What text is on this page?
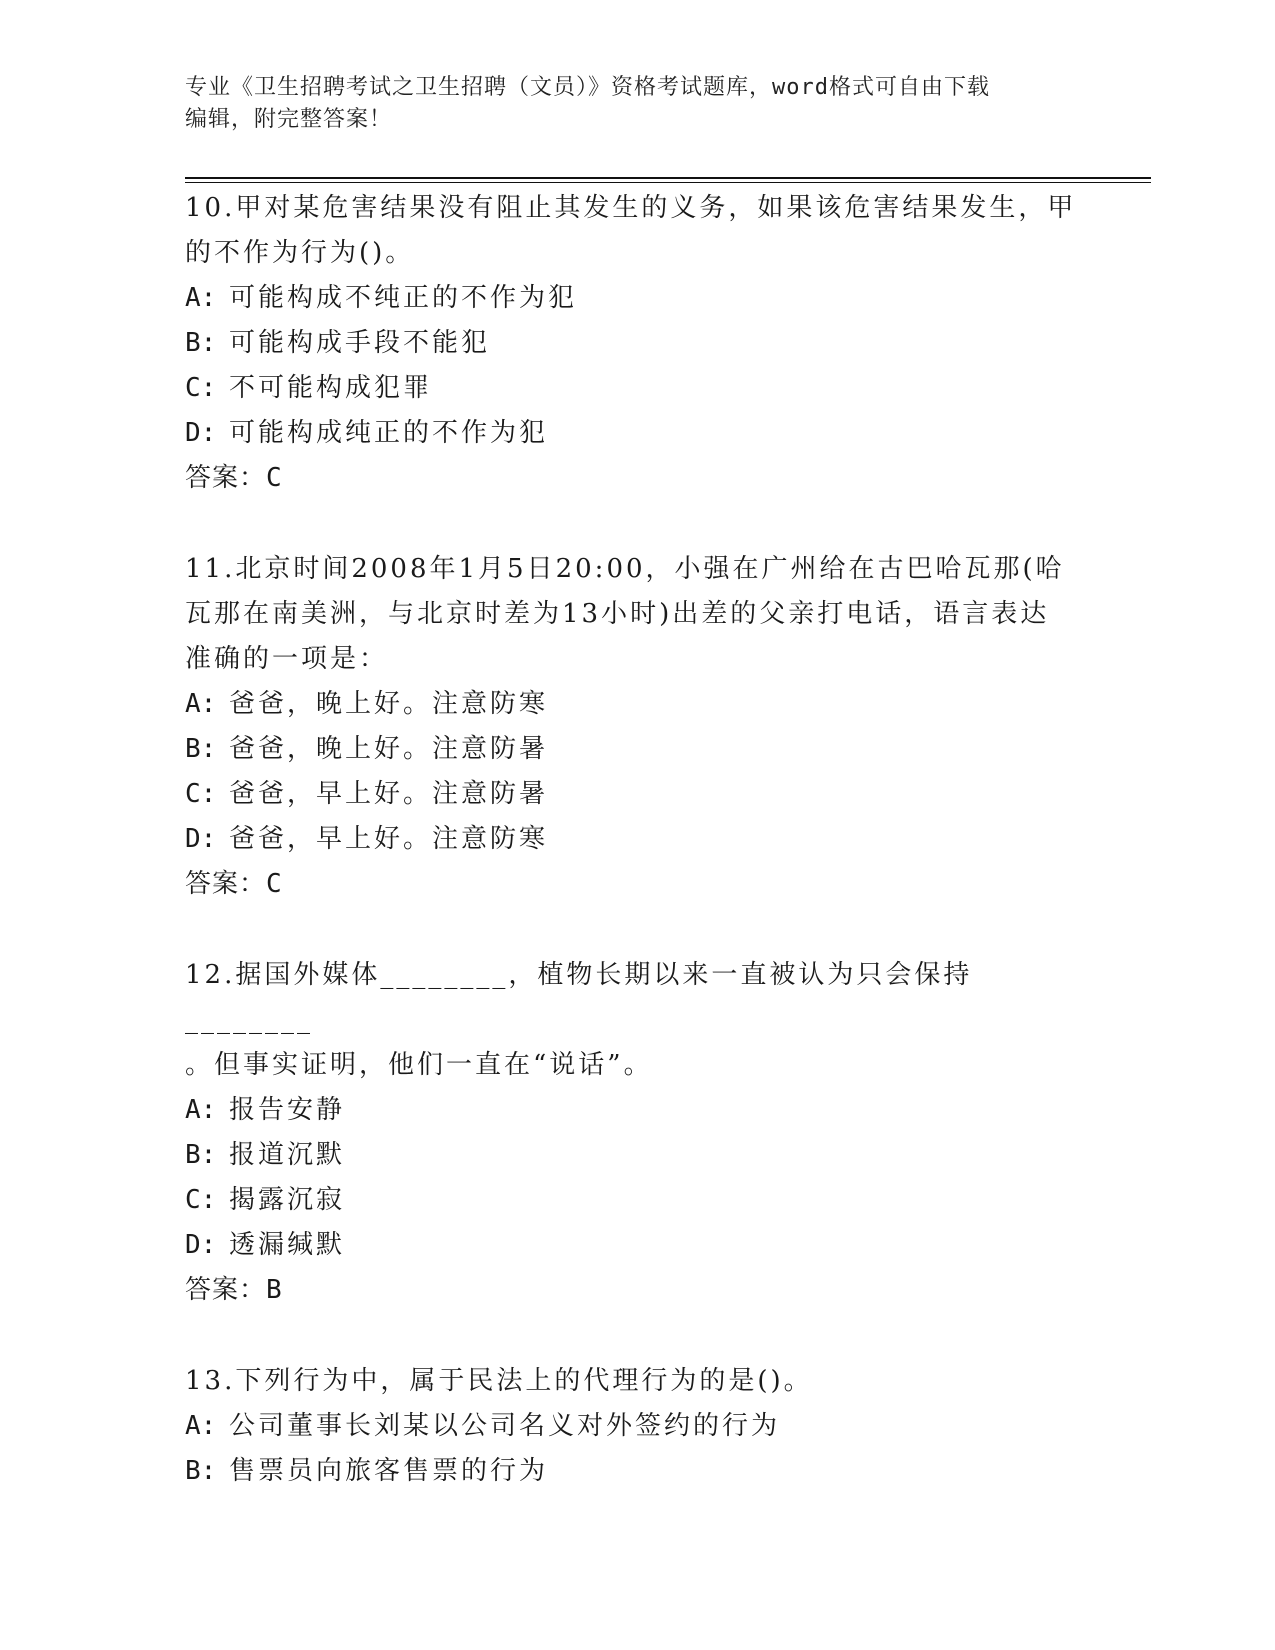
专业《卫生招聘考试之卫生招聘（文员）》资格考试题库，word格式可自由下载
编辑，附完整答案！

10.甲对某危害结果没有阻止其发生的义务，如果该危害结果发生，甲

的不作为行为()。

A: 可能构成不纯正的不作为犯

B: 可能构成手段不能犯

C: 不可能构成犯罪

D: 可能构成纯正的不作为犯

答案：C

11.北京时间2008年1月5日20:00，小强在广州给在古巴哈瓦那(哈

瓦那在南美洲，与北京时差为13小时)出差的父亲打电话，语言表达

准确的一项是：

A: 爸爸，晚上好。注意防寒

B: 爸爸，晚上好。注意防暑

C: 爸爸，早上好。注意防暑

D: 爸爸，早上好。注意防寒

答案：C

12.据国外媒体________，植物长期以来一直被认为只会保持________

。但事实证明，他们一直在“说话”。

A: 报告安静

B: 报道沉默

C: 揭露沉寂

D: 透漏缄默

答案：B

13.下列行为中，属于民法上的代理行为的是()。

A: 公司董事长刘某以公司名义对外签约的行为

B: 售票员向旅客售票的行为
